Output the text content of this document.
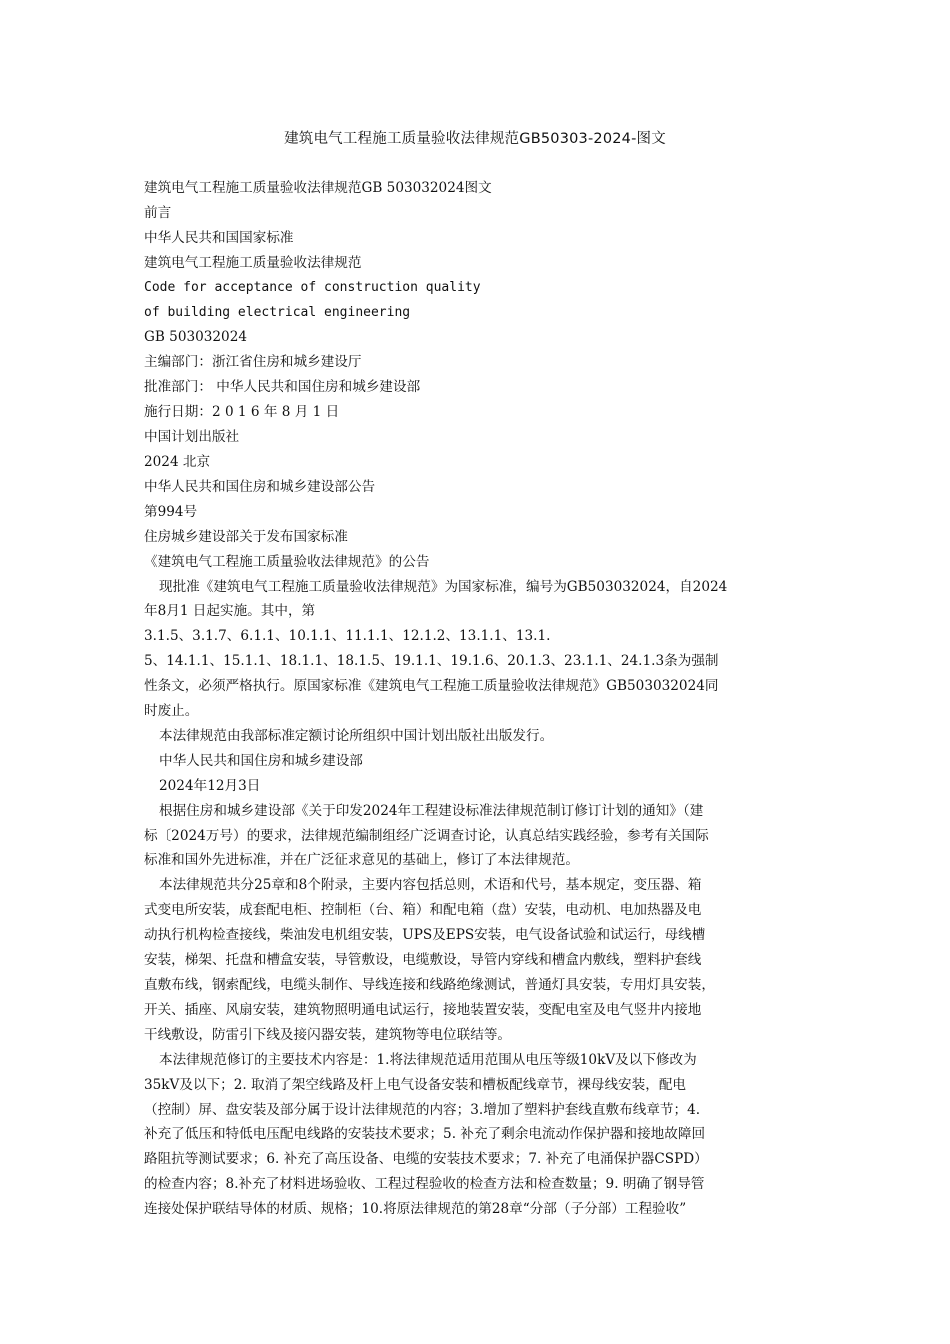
建筑电气工程施工质量验收法律规范GB50303-2024-图文

建筑电气工程施工质量验收法律规范GB 503032024图文

前言

中华人民共和国国家标准

建筑电气工程施工质量验收法律规范

Code for acceptance of construction quality

of building electrical engineering

GB 503032024

主编部门：浙江省住房和城乡建设厅

批准部门： 中华人民共和国住房和城乡建设部

施行日期：2 0 1 6 年 8 月 1 日

中国计划出版社

2024 北京

中华人民共和国住房和城乡建设部公告

第994号

住房城乡建设部关于发布国家标准

《建筑电气工程施工质量验收法律规范》的公告

现批准《建筑电气工程施工质量验收法律规范》为国家标准，编号为GB503032024，自2024

年8月1 日起实施。其中，第

3.1.5、3.1.7、6.1.1、10.1.1、11.1.1、12.1.2、13.1.1、13.1.

5、14.1.1、15.1.1、18.1.1、18.1.5、19.1.1、19.1.6、20.1.3、23.1.1、24.1.3条为强制

性条文，必须严格执行。原国家标准《建筑电气工程施工质量验收法律规范》GB503032024同

时废止。

本法律规范由我部标准定额讨论所组织中国计划出版社出版发行。

中华人民共和国住房和城乡建设部

2024年12月3日

根据住房和城乡建设部《关于印发2024年工程建设标准法律规范制订修订计划的通知》（建

标〔2024万号）的要求，法律规范编制组经广泛调查讨论，认真总结实践经验，参考有关国际

标准和国外先进标准，并在广泛征求意见的基础上，修订了本法律规范。

本法律规范共分25章和8个附录，主要内容包括总则，术语和代号，基本规定，变压器、箱

式变电所安装，成套配电柜、控制柜（台、箱）和配电箱（盘）安装，电动机、电加热器及电

动执行机构检查接线，柴油发电机组安装，UPS及EPS安装，电气设备试验和试运行，母线槽

安装，梯架、托盘和槽盒安装，导管敷设，电缆敷设，导管内穿线和槽盒内敷线，塑料护套线

直敷布线，钢索配线，电缆头制作、导线连接和线路绝缘测试，普通灯具安装，专用灯具安装，

开关、插座、风扇安装，建筑物照明通电试运行，接地装置安装，变配电室及电气竖井内接地

干线敷设，防雷引下线及接闪器安装，建筑物等电位联结等。

本法律规范修订的主要技术内容是：1.将法律规范适用范围从电压等级10kV及以下修改为

35kV及以下；2. 取消了架空线路及杆上电气设备安装和槽板配线章节，裸母线安装，配电

（控制）屏、盘安装及部分属于设计法律规范的内容；3.增加了塑料护套线直敷布线章节；4.

补充了低压和特低电压配电线路的安装技术要求；5. 补充了剩余电流动作保护器和接地故障回

路阻抗等测试要求；6. 补充了高压设备、电缆的安装技术要求；7. 补充了电涌保护器CSPD）

的检查内容；8.补充了材料进场验收、工程过程验收的检查方法和检查数量；9. 明确了钢导管

连接处保护联结导体的材质、规格；10.将原法律规范的第28章“分部（子分部）工程验收”
